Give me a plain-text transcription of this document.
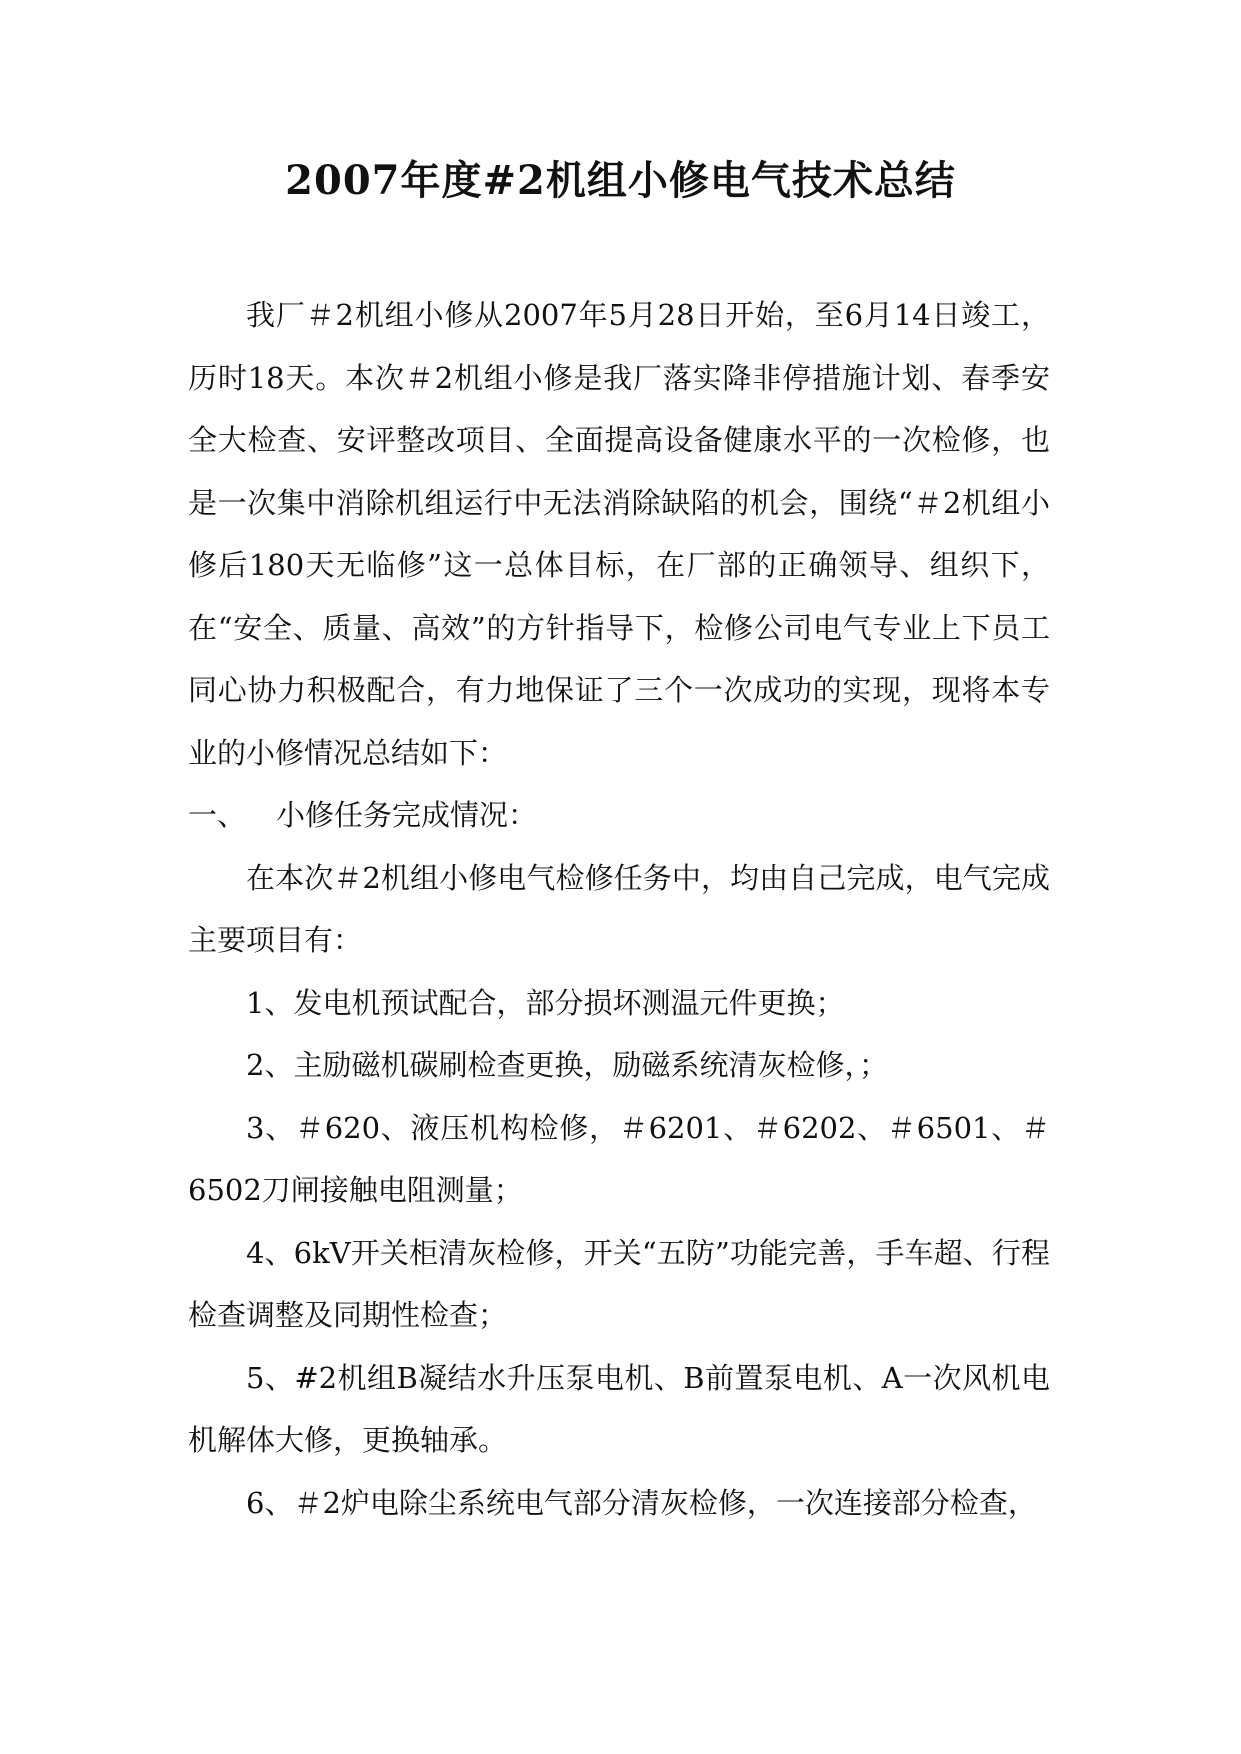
2007年度#2机组小修电气技术总结

我厂＃2机组小修从2007年5月28日开始，至6月14日竣工，历时18天。本次＃2机组小修是我厂落实降非停措施计划、春季安全大检查、安评整改项目、全面提高设备健康水平的一次检修，也是一次集中消除机组运行中无法消除缺陷的机会，围绕“＃2机组小修后180天无临修”这一总体目标，在厂部的正确领导、组织下，在“安全、质量、高效”的方针指导下，检修公司电气专业上下员工同心协力积极配合，有力地保证了三个一次成功的实现，现将本专业的小修情况总结如下：

一、	小修任务完成情况：

在本次＃2机组小修电气检修任务中，均由自己完成，电气完成主要项目有：

1、发电机预试配合，部分损坏测温元件更换；

2、主励磁机碳刷检查更换，励磁系统清灰检修，；

3、＃620、液压机构检修，＃6201、＃6202、＃6501、＃6502刀闸接触电阻测量；

4、6kV开关柜清灰检修，开关“五防”功能完善，手车超、行程检查调整及同期性检查；

5、#2机组B凝结水升压泵电机、B前置泵电机、A一次风机电机解体大修，更换轴承。

6、＃2炉电除尘系统电气部分清灰检修，一次连接部分检查，
